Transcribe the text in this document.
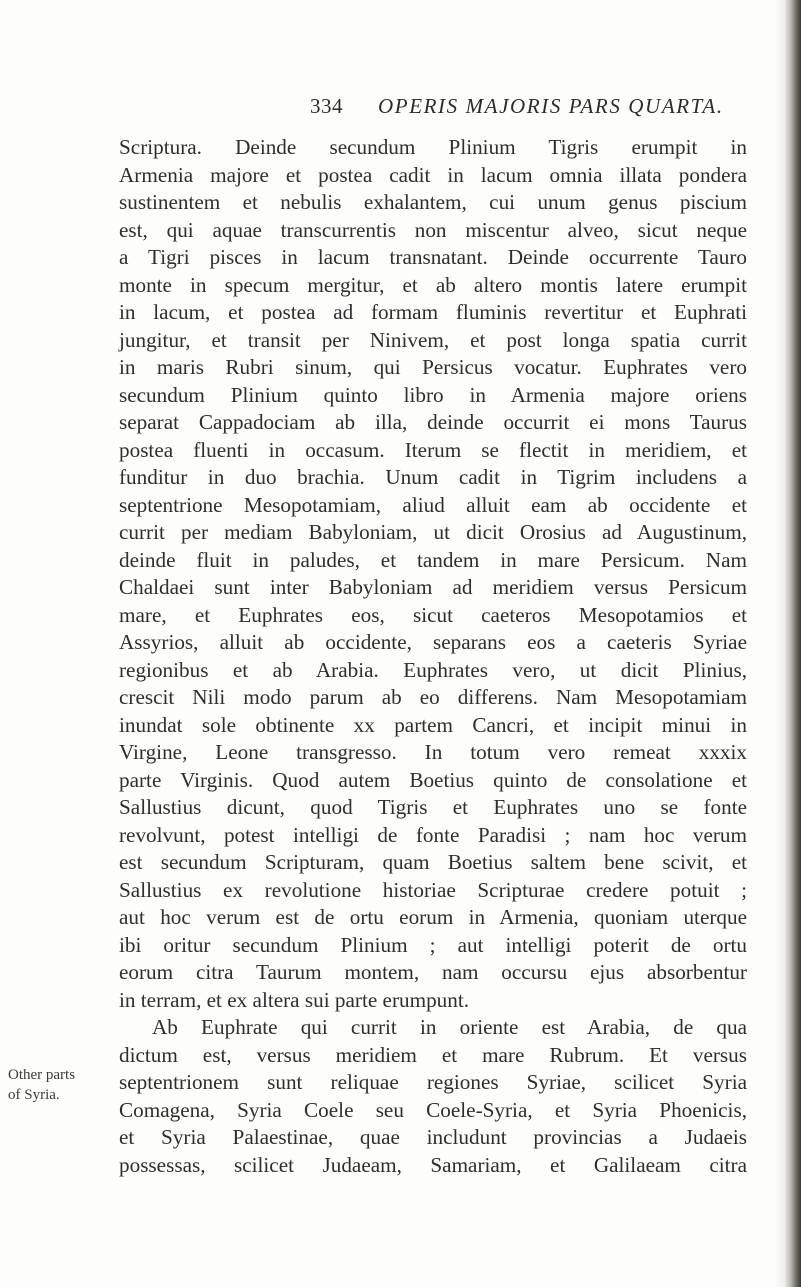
334 OPERIS MAJORIS PARS QUARTA.
Other parts
of Syria.
Scriptura. Deinde secundum Plinium Tigris erumpit in
Armenia majore et postea cadit in lacum omnia illata pondera
sustinentem et nebulis exhalantem, cui unum genus piscium
est, qui aquae transcurrentis non miscentur alveo, sicut neque
a Tigri pisces in lacum transnatant. Deinde occurrente Tauro
monte in specum mergitur, et ab altero montis latere erumpit
in lacum, et postea ad formam fluminis revertitur et Euphrati
jungitur, et transit per Ninivem, et post longa spatia currit
in maris Rubri sinum, qui Persicus vocatur. Euphrates vero
secundum Plinium quinto libro in Armenia majore oriens
separat Cappadociam ab illa, deinde occurrit ei mons Taurus
postea fluenti in occasum. Iterum se flectit in meridiem, et
funditur in duo brachia. Unum cadit in Tigrim includens a
septentrione Mesopotamiam, aliud alluit eam ab occidente et
currit per mediam Babyloniam, ut dicit Orosius ad Augustinum,
deinde fluit in paludes, et tandem in mare Persicum. Nam
Chaldaei sunt inter Babyloniam ad meridiem versus Persicum
mare, et Euphrates eos, sicut caeteros Mesopotamios et
Assyrios, alluit ab occidente, separans eos a caeteris Syriae
regionibus et ab Arabia. Euphrates vero, ut dicit Plinius,
crescit Nili modo parum ab eo differens. Nam Mesopotamiam
inundat sole obtinente xx partem Cancri, et incipit minui in
Virgine, Leone transgresso. In totum vero remeat xxxix
parte Virginis. Quod autem Boetius quinto de consolatione et
Sallustius dicunt, quod Tigris et Euphrates uno se fonte
revolvunt, potest intelligi de fonte Paradisi ; nam hoc verum
est secundum Scripturam, quam Boetius saltem bene scivit, et
Sallustius ex revolutione historiae Scripturae credere potuit ;
aut hoc verum est de ortu eorum in Armenia, quoniam uterque
ibi oritur secundum Plinium ; aut intelligi poterit de ortu
eorum citra Taurum montem, nam occursu ejus absorbentur
in terram, et ex altera sui parte erumpunt.
Ab Euphrate qui currit in oriente est Arabia, de qua
dictum est, versus meridiem et mare Rubrum. Et versus
septentrionem sunt reliquae regiones Syriae, scilicet Syria
Comagena, Syria Coele seu Coele-Syria, et Syria Phoenicis,
et Syria Palaestinae, quae includunt provincias a Judaeis
possessas, scilicet Judaeam, Samariam, et Galilaeam citra
